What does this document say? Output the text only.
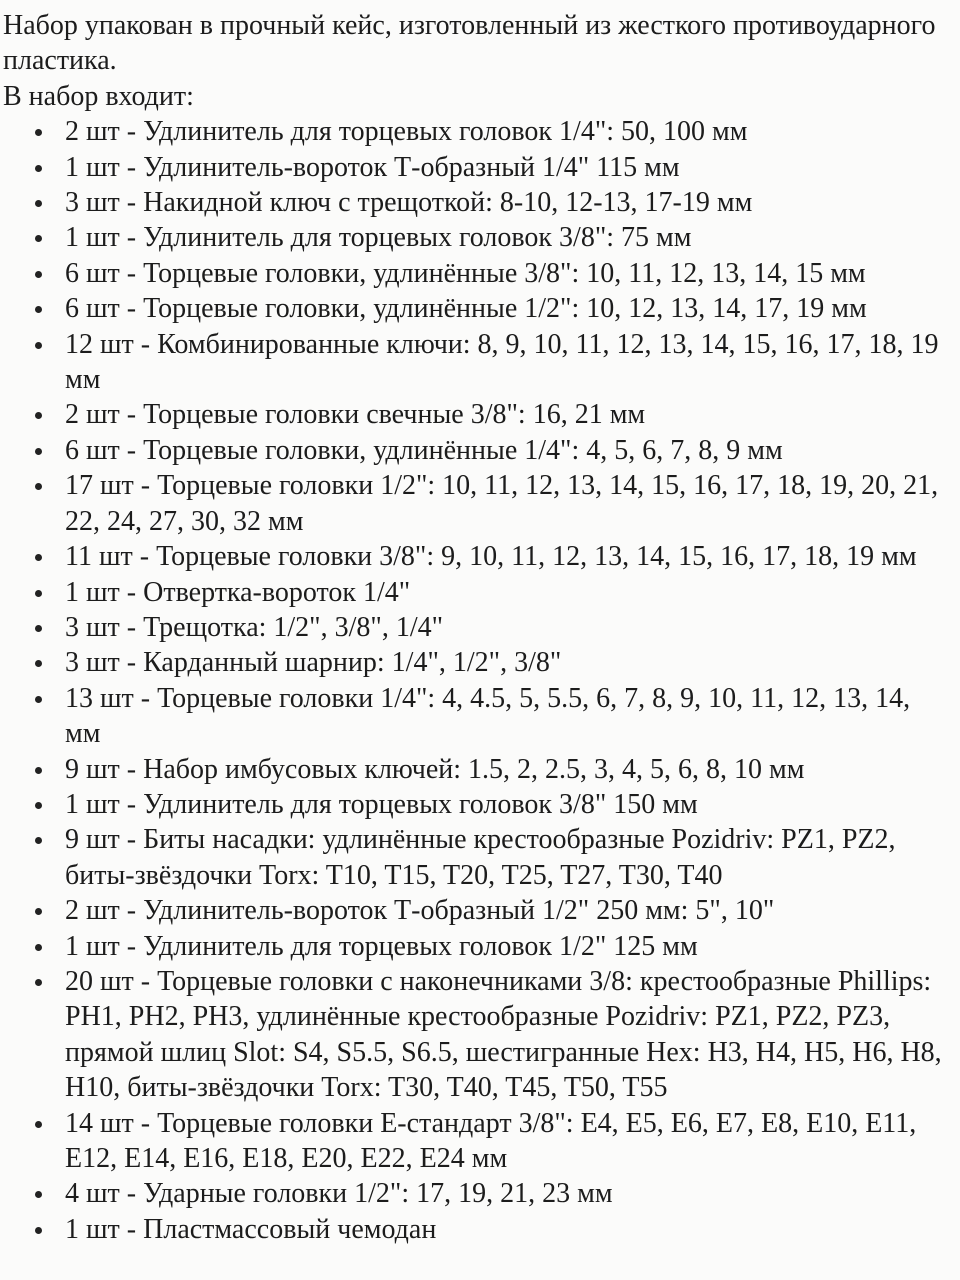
Набор упакован в прочный кейс, изготовленный из жесткого противоударного пластика.

В набор входит:

2 шт - Удлинитель для торцевых головок 1/4": 50, 100 мм
1 шт - Удлинитель-вороток Т-образный 1/4" 115 мм
3 шт - Накидной ключ с трещоткой: 8-10, 12-13, 17-19 мм
1 шт - Удлинитель для торцевых головок 3/8": 75 мм
6 шт - Торцевые головки, удлинённые 3/8": 10, 11, 12, 13, 14, 15 мм
6 шт - Торцевые головки, удлинённые 1/2": 10, 12, 13, 14, 17, 19 мм
12 шт - Комбинированные ключи: 8, 9, 10, 11, 12, 13, 14, 15, 16, 17, 18, 19 мм
2 шт - Торцевые головки свечные 3/8": 16, 21 мм
6 шт - Торцевые головки, удлинённые 1/4": 4, 5, 6, 7, 8, 9 мм
17 шт - Торцевые головки 1/2": 10, 11, 12, 13, 14, 15, 16, 17, 18, 19, 20, 21, 22, 24, 27, 30, 32 мм
11 шт - Торцевые головки 3/8": 9, 10, 11, 12, 13, 14, 15, 16, 17, 18, 19 мм
1 шт - Отвертка-вороток 1/4"
3 шт - Трещотка: 1/2", 3/8", 1/4"
3 шт - Карданный шарнир: 1/4", 1/2", 3/8"
13 шт - Торцевые головки 1/4": 4, 4.5, 5, 5.5, 6, 7, 8, 9, 10, 11, 12, 13, 14, мм
9 шт - Набор имбусовых ключей: 1.5, 2, 2.5, 3, 4, 5, 6, 8, 10 мм
1 шт - Удлинитель для торцевых головок 3/8" 150 мм
9 шт - Биты насадки: удлинённые крестообразные Pozidriv: PZ1, PZ2, биты-звёздочки Torx: T10, T15, T20, T25, T27, T30, T40
2 шт - Удлинитель-вороток Т-образный 1/2" 250 мм: 5", 10"
1 шт - Удлинитель для торцевых головок 1/2" 125 мм
20 шт - Торцевые головки с наконечниками 3/8: крестообразные Phillips: PH1, PH2, PH3, удлинённые крестообразные Pozidriv: PZ1, PZ2, PZ3, прямой шлиц Slot: S4, S5.5, S6.5, шестигранные Hex: H3, H4, H5, H6, H8, H10, биты-звёздочки Torx: T30, T40, T45, T50, T55
14 шт - Торцевые головки Е-стандарт 3/8": E4, E5, E6, E7, E8, E10, E11, E12, E14, E16, E18, E20, E22, E24 мм
4 шт - Ударные головки 1/2": 17, 19, 21, 23 мм
1 шт - Пластмассовый чемодан
